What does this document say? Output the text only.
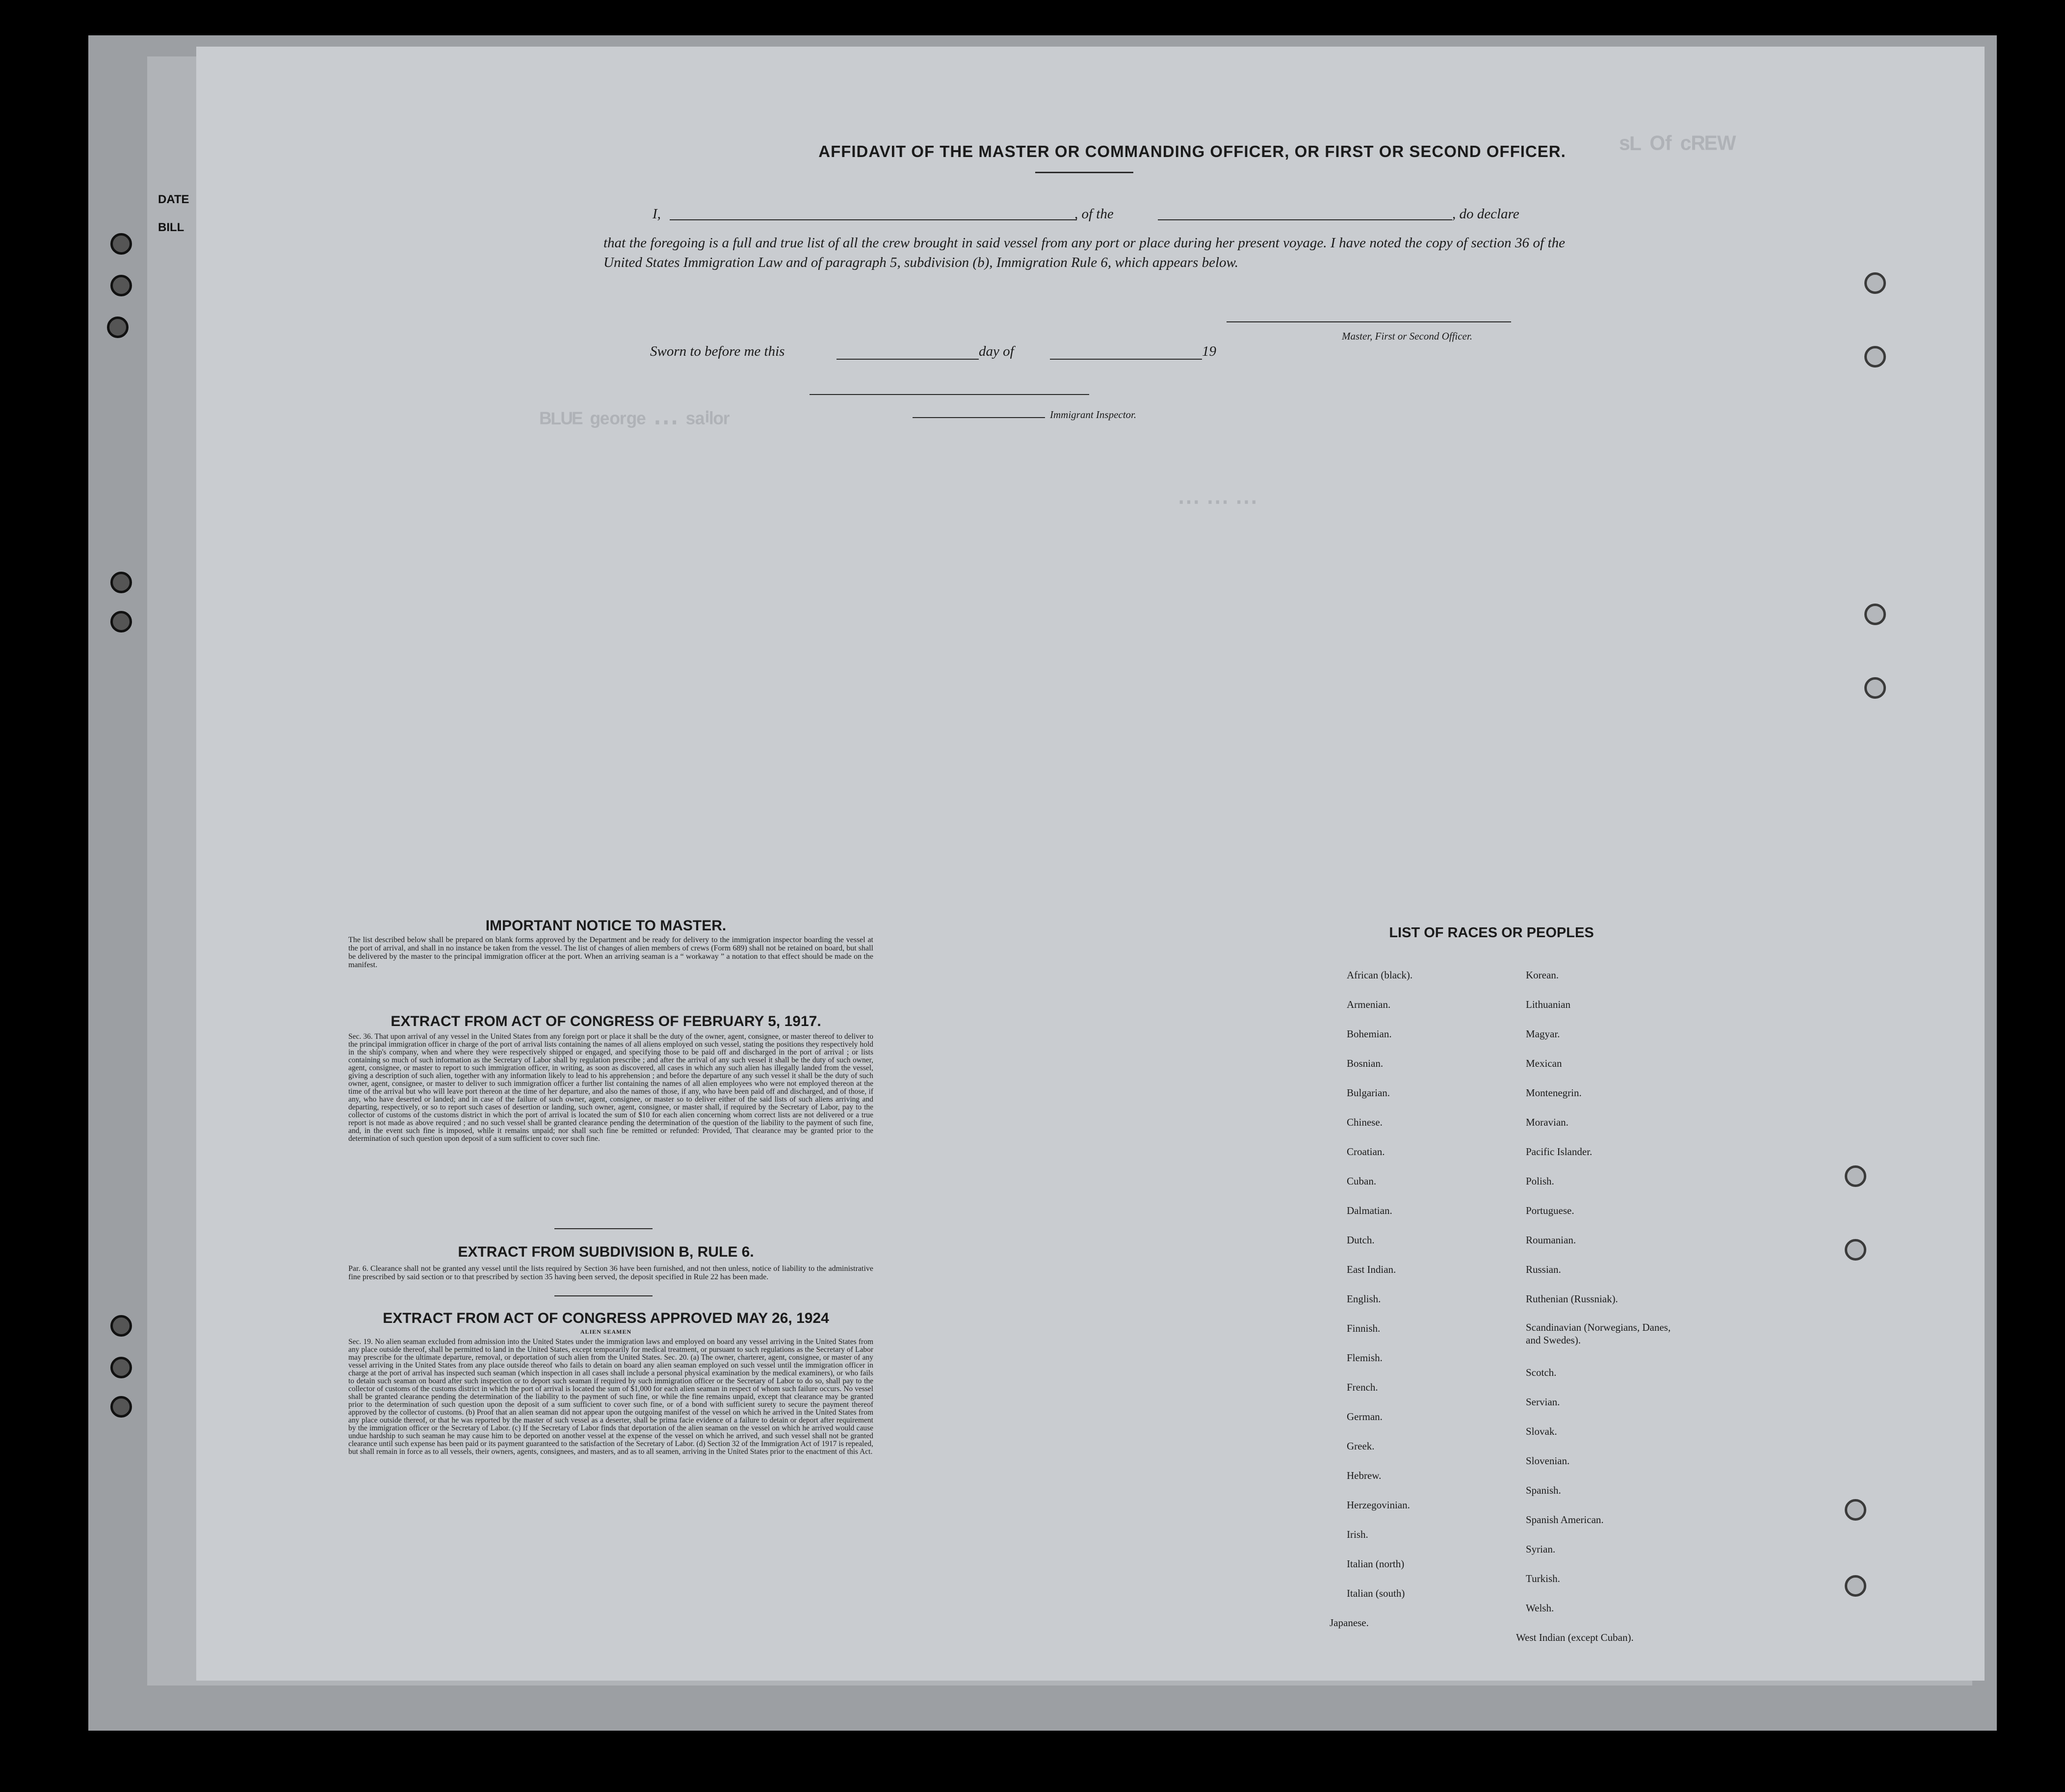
DATE
BILL
ᴮᴸᵁᴱ ᵍᵉᵒʳᵍᵉ ⋯ ˢᵃⁱˡᵒʳ
⋯ ⋯ ⋯
ˢᴸ ᴼᶠ ᶜᴿᴱᵂ
AFFIDAVIT OF THE MASTER OR COMMANDING OFFICER, OR FIRST OR SECOND OFFICER.
I,	, of the	, do declare
that the foregoing is a full and true list of all the crew brought in said vessel from any port or place during her present voyage. I have noted the copy of section 36 of the United States Immigration Law and of paragraph 5, subdivision (b), Immigration Rule 6, which appears below.
Master, First or Second Officer.
Sworn to before me this	day of	19
Immigrant Inspector.
IMPORTANT NOTICE TO MASTER.
The list described below shall be prepared on blank forms approved by the Department and be ready for delivery to the immigration inspector boarding the vessel at the port of arrival, and shall in no instance be taken from the vessel. The list of changes of alien members of crews (Form 689) shall not be retained on board, but shall be delivered by the master to the principal immigration officer at the port. When an arriving seaman is a “ workaway ” a notation to that effect should be made on the manifest.
EXTRACT FROM ACT OF CONGRESS OF FEBRUARY 5, 1917.
Sec. 36. That upon arrival of any vessel in the United States from any foreign port or place it shall be the duty of the owner, agent, consignee, or master thereof to deliver to the principal immigration officer in charge of the port of arrival lists containing the names of all aliens employed on such vessel, stating the positions they respectively hold in the ship's company, when and where they were respectively shipped or engaged, and specifying those to be paid off and discharged in the port of arrival ; or lists containing so much of such information as the Secretary of Labor shall by regulation prescribe ; and after the arrival of any such vessel it shall be the duty of such owner, agent, consignee, or master to report to such immigration officer, in writing, as soon as discovered, all cases in which any such alien has illegally landed from the vessel, giving a description of such alien, together with any information likely to lead to his apprehension ; and before the departure of any such vessel it shall be the duty of such owner, agent, consignee, or master to deliver to such immigration officer a further list containing the names of all alien employees who were not employed thereon at the time of the arrival but who will leave port thereon at the time of her departure, and also the names of those, if any, who have been paid off and discharged, and of those, if any, who have deserted or landed; and in case of the failure of such owner, agent, consignee, or master so to deliver either of the said lists of such aliens arriving and departing, respectively, or so to report such cases of desertion or landing, such owner, agent, consignee, or master shall, if required by the Secretary of Labor, pay to the collector of customs of the customs district in which the port of arrival is located the sum of $10 for each alien concerning whom correct lists are not delivered or a true report is not made as above required ; and no such vessel shall be granted clearance pending the determination of the question of the liability to the payment of such fine, and, in the event such fine is imposed, while it remains unpaid; nor shall such fine be remitted or refunded: Provided, That clearance may be granted prior to the determination of such question upon deposit of a sum sufficient to cover such fine.
EXTRACT FROM SUBDIVISION B, RULE 6.
Par. 6. Clearance shall not be granted any vessel until the lists required by Section 36 have been furnished, and not then unless, notice of liability to the administrative fine prescribed by said section or to that prescribed by section 35 having been served, the deposit specified in Rule 22 has been made.
EXTRACT FROM ACT OF CONGRESS APPROVED MAY 26, 1924
ALIEN SEAMEN
Sec. 19. No alien seaman excluded from admission into the United States under the immigration laws and employed on board any vessel arriving in the United States from any place outside thereof, shall be permitted to land in the United States, except temporarily for medical treatment, or pursuant to such regulations as the Secretary of Labor may prescribe for the ultimate departure, removal, or deportation of such alien from the United States. Sec. 20. (a) The owner, charterer, agent, consignee, or master of any vessel arriving in the United States from any place outside thereof who fails to detain on board any alien seaman employed on such vessel until the immigration officer in charge at the port of arrival has inspected such seaman (which inspection in all cases shall include a personal physical examination by the medical examiners), or who fails to detain such seaman on board after such inspection or to deport such seaman if required by such immigration officer or the Secretary of Labor to do so, shall pay to the collector of customs of the customs district in which the port of arrival is located the sum of $1,000 for each alien seaman in respect of whom such failure occurs. No vessel shall be granted clearance pending the determination of the liability to the payment of such fine, or while the fine remains unpaid, except that clearance may be granted prior to the determination of such question upon the deposit of a sum sufficient to cover such fine, or of a bond with sufficient surety to secure the payment thereof approved by the collector of customs. (b) Proof that an alien seaman did not appear upon the outgoing manifest of the vessel on which he arrived in the United States from any place outside thereof, or that he was reported by the master of such vessel as a deserter, shall be prima facie evidence of a failure to detain or deport after requirement by the immigration officer or the Secretary of Labor. (c) If the Secretary of Labor finds that deportation of the alien seaman on the vessel on which he arrived would cause undue hardship to such seaman he may cause him to be deported on another vessel at the expense of the vessel on which he arrived, and such vessel shall not be granted clearance until such expense has been paid or its payment guaranteed to the satisfaction of the Secretary of Labor. (d) Section 32 of the Immigration Act of 1917 is repealed, but shall remain in force as to all vessels, their owners, agents, consignees, and masters, and as to all seamen, arriving in the United States prior to the enactment of this Act.
LIST OF RACES OR PEOPLES
African (black).
Armenian.
Bohemian.
Bosnian.
Bulgarian.
Chinese.
Croatian.
Cuban.
Dalmatian.
Dutch.
East Indian.
English.
Finnish.
Flemish.
French.
German.
Greek.
Hebrew.
Herzegovinian.
Irish.
Italian (north)
Italian (south)
Japanese.
Korean.
Lithuanian
Magyar.
Mexican
Montenegrin.
Moravian.
Pacific Islander.
Polish.
Portuguese.
Roumanian.
Russian.
Ruthenian (Russniak).
Scandinavian (Norwegians, Danes, and Swedes).
Scotch.
Servian.
Slovak.
Slovenian.
Spanish.
Spanish American.
Syrian.
Turkish.
Welsh.
West Indian (except Cuban).
